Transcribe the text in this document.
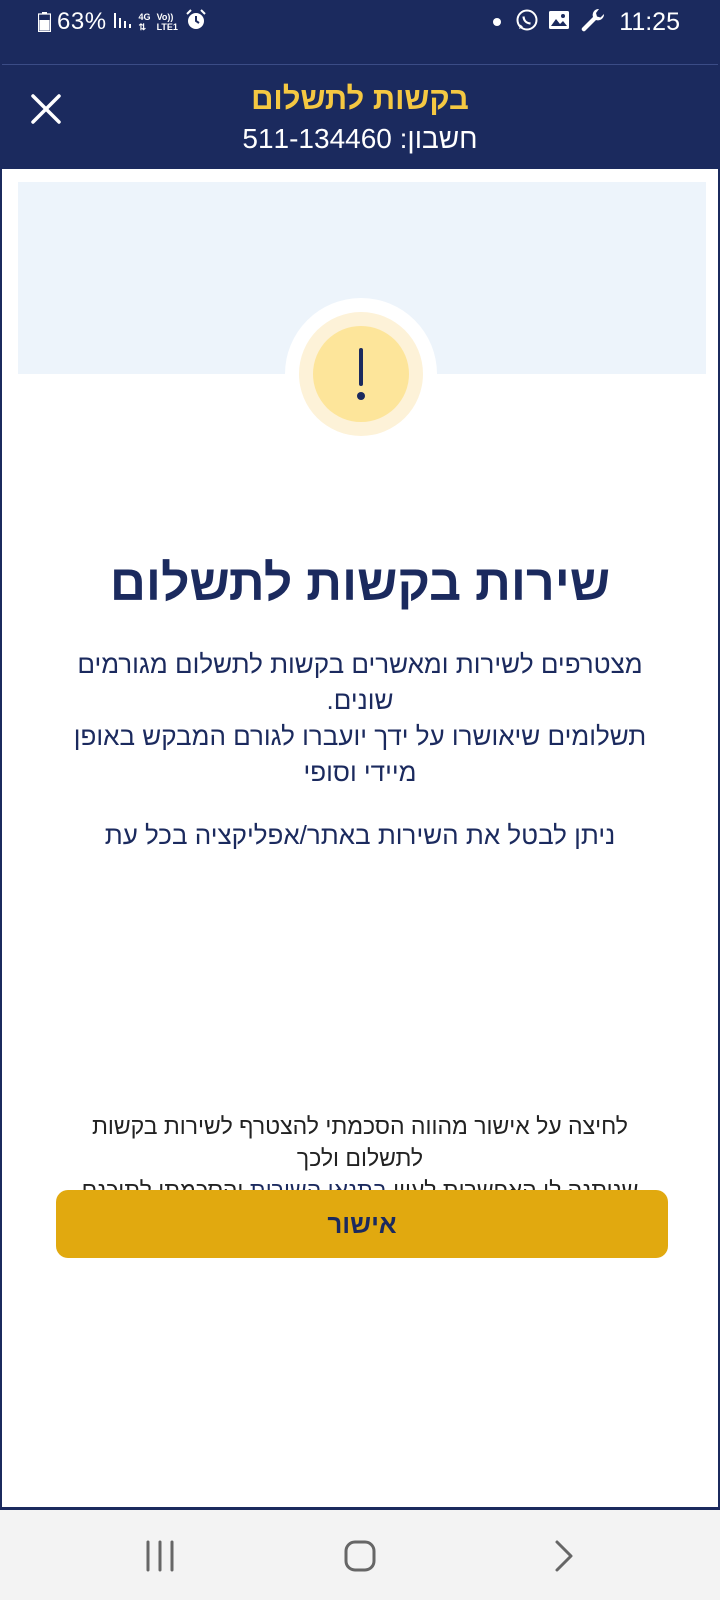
63%	4G
⇅
Vo))
LTE1	11:25
בקשות לתשלום
חשבון: 511-134460
שירות בקשות לתשלום

מצטרפים לשירות ומאשרים בקשות לתשלום מגורמים שונים.

תשלומים שיאושרו על ידך יועברו לגורם המבקש באופן מיידי וסופי

ניתן לבטל את השירות באתר/אפליקציה בכל עת
לחיצה על אישור מהווה הסכמתי להצטרף לשירות בקשות לתשלום ולכך
אישור
